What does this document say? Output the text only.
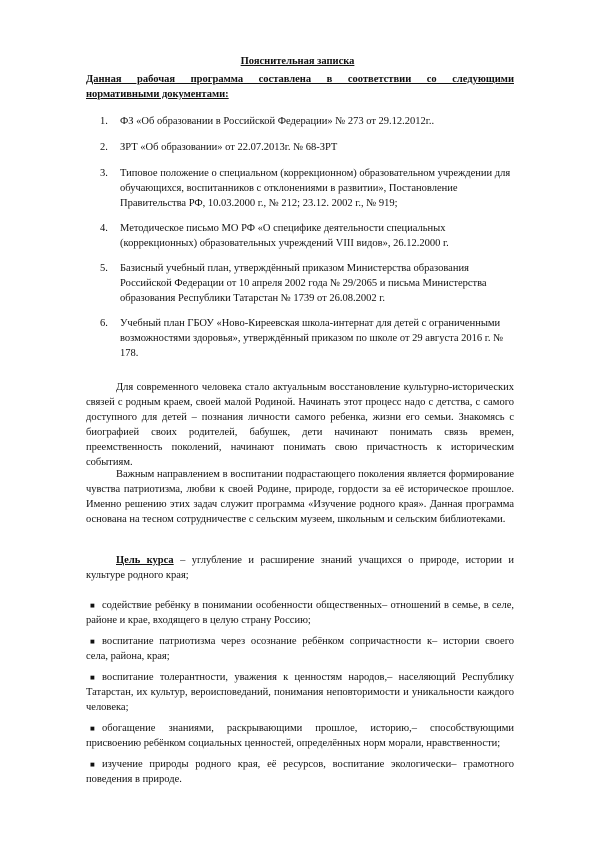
Пояснительная записка

Данная рабочая программа составлена в соответствии со следующими
нормативными документами:

1. ФЗ «Об образовании в Российской Федерации» № 273 от 29.12.2012г..
2. ЗРТ «Об образовании» от 22.07.2013г. № 68-ЗРТ
3. Типовое положение о специальном (коррекционном) образовательном учреждении для обучающихся, воспитанников с отклонениями в развитии», Постановление Правительства РФ, 10.03.2000 г., № 212; 23.12. 2002 г., № 919;
4. Методическое письмо МО РФ «О специфике деятельности специальных (коррекционных) образовательных учреждений VIII видов», 26.12.2000 г.
5. Базисный учебный план, утверждённый приказом Министерства образования Российской Федерации от 10 апреля 2002 года № 29/2065 и письма Министерства образования Республики Татарстан № 1739 от 26.08.2002 г.
6. Учебный план ГБОУ «Ново-Киреевская школа-интернат для детей с ограниченными возможностями здоровья», утверждённый приказом по школе от 29 августа 2016 г. № 178.

Для современного человека стало актуальным восстановление культурно-исторических связей с родным краем, своей малой Родиной. Начинать этот процесс надо с детства, с самого доступного для детей – познания личности самого ребенка, жизни его семьи. Знакомясь с биографией своих родителей, бабушек, дети начинают понимать связь времен, преемственность поколений, начинают понимать свою причастность к историческим событиям.

Важным направлением в воспитании подрастающего поколения является формирование чувства патриотизма, любви к своей Родине, природе, гордости за её историческое прошлое. Именно решению этих задач служит программа «Изучение родного края». Данная программа основана на тесном сотрудничестве с сельским музеем, школьным и сельским библиотеками.

Цель курса – углубление и расширение знаний учащихся о природе, истории и культуре родного края;

■ содействие ребёнку в понимании особенности общественных– отношений в семье, в селе, районе и крае, входящего в целую страну Россию;
■ воспитание патриотизма через осознание ребёнком сопричастности к– истории своего села, района, края;
■ воспитание толерантности, уважения к ценностям народов,– населяющий Республику Татарстан, их культур, вероисповеданий, понимания неповторимости и уникальности каждого человека;
■ обогащение знаниями, раскрывающими прошлое, историю,– способствующими присвоению ребёнком социальных ценностей, определённых норм морали, нравственности;
■ изучение природы родного края, её ресурсов, воспитание экологически– грамотного поведения в природе.
